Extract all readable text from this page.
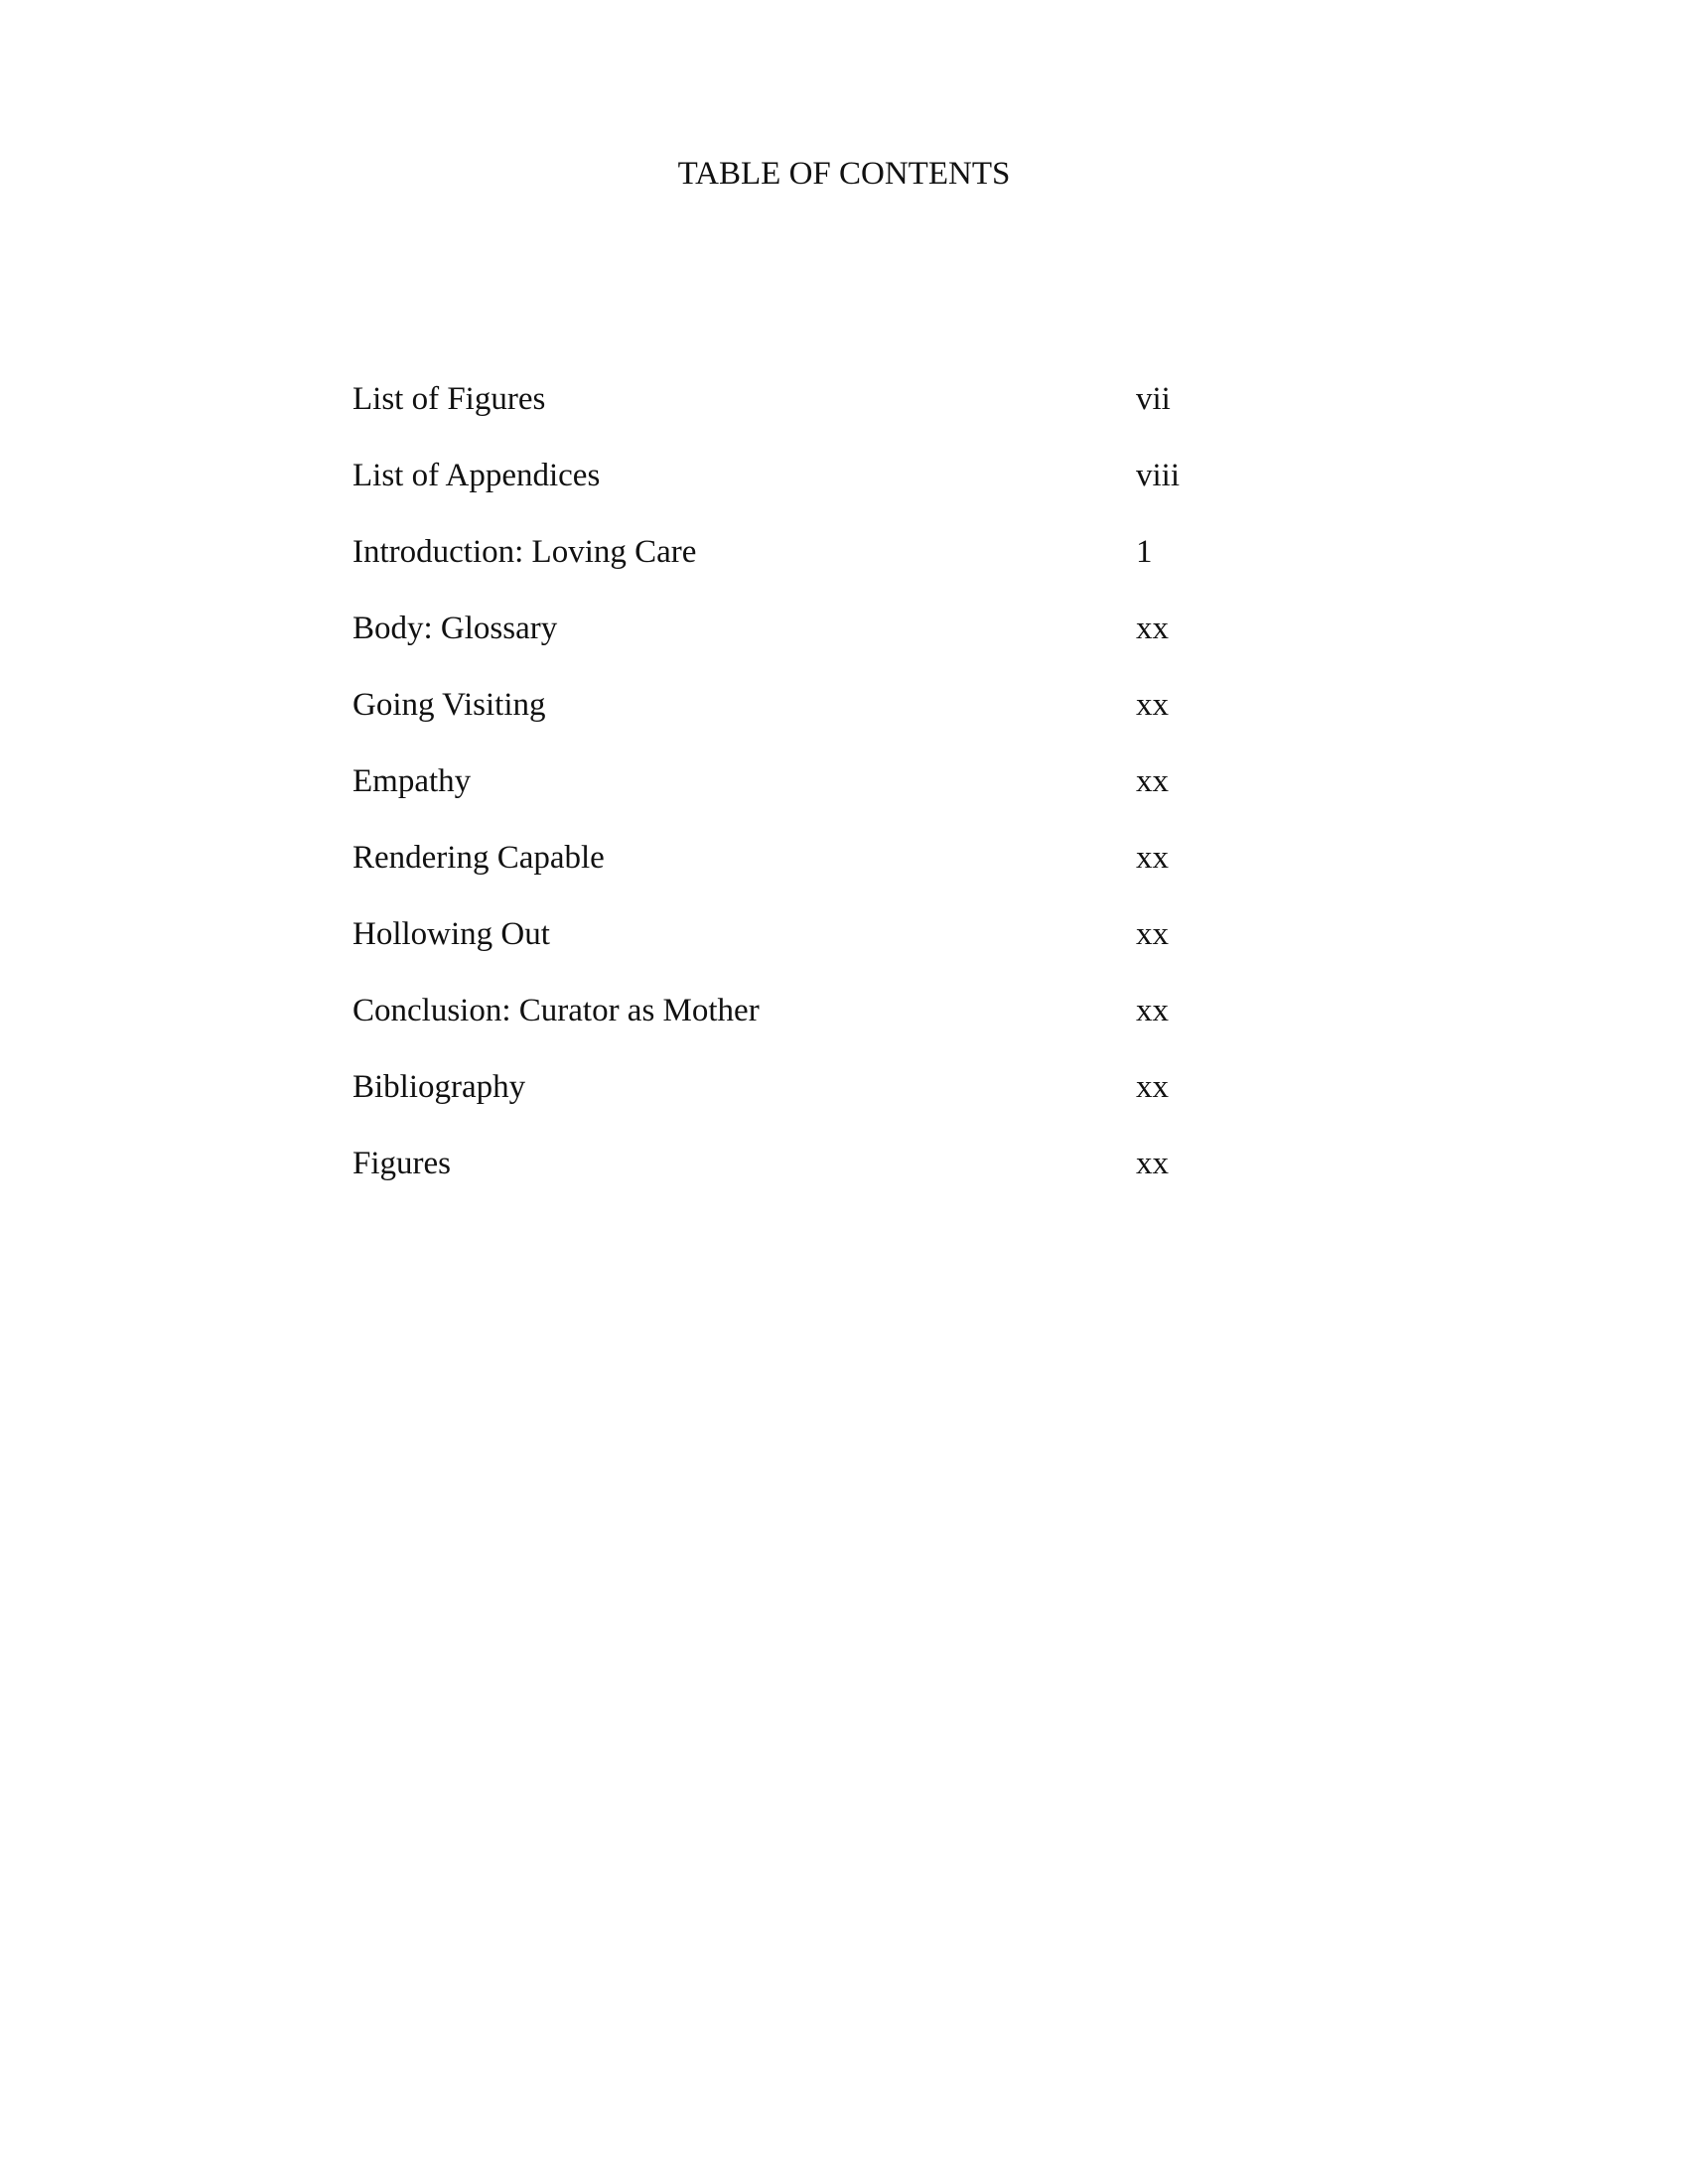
TABLE OF CONTENTS
List of Figures	vii
List of Appendices	viii
Introduction: Loving Care	1
Body: Glossary	xx
Going Visiting	xx
Empathy	xx
Rendering Capable	xx
Hollowing Out	xx
Conclusion: Curator as Mother	xx
Bibliography	xx
Figures	xx
